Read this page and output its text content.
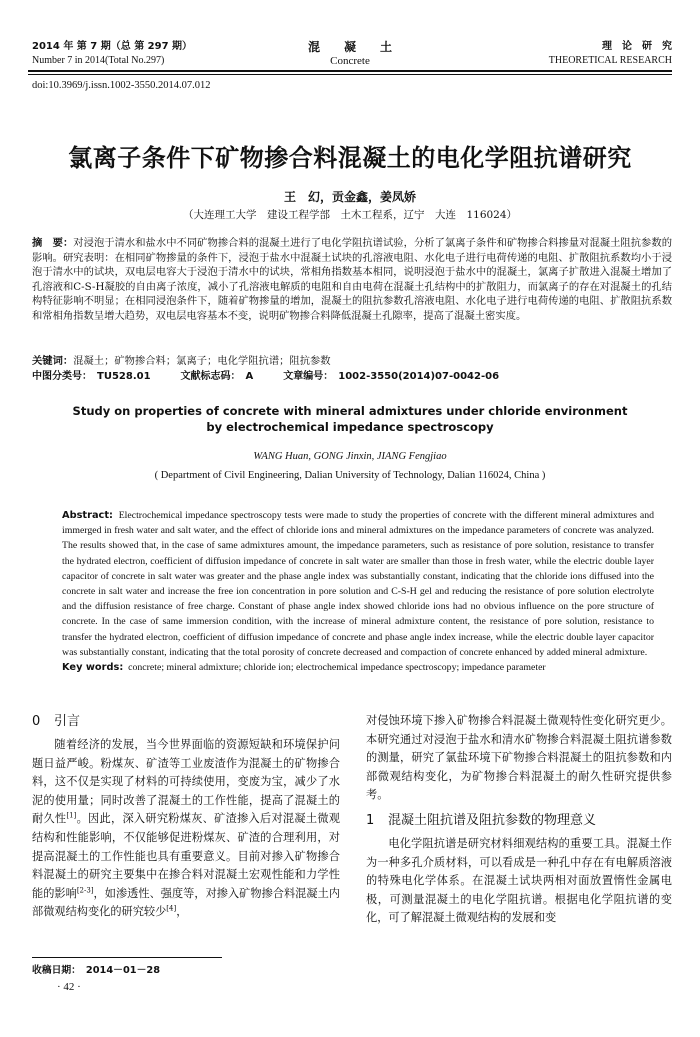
2014 年 第 7 期（总 第 297 期）
Number 7 in 2014(Total No.297)
混　　凝　　土
Concrete
理　论　研　究
THEORETICAL RESEARCH
doi:10.3969/j.issn.1002-3550.2014.07.012
氯离子条件下矿物掺合料混凝土的电化学阻抗谱研究
王　幻，贡金鑫，姜凤娇
（大连理工大学　建设工程学部　土木工程系，辽宁　大连　116024）
摘　要：对浸泡于清水和盐水中不同矿物掺合料的混凝土进行了电化学阻抗谱试验，分析了氯离子条件和矿物掺合料掺量对混凝土阻抗参数的影响。研究表明：在相同矿物掺量的条件下，浸泡于盐水中混凝土试块的孔溶液电阻、水化电子进行电荷传递的电阻、扩散阻抗系数均小于浸泡于清水中的试块，双电层电容大于浸泡于清水中的试块，常相角指数基本相同，说明浸泡于盐水中的混凝土，氯离子扩散进入混凝土增加了孔溶液和C-S-H凝胶的自由离子浓度，减小了孔溶液电解质的电阻和自由电荷在混凝土孔结构中的扩散阻力，而氯离子的存在对混凝土的孔结构特征影响不明显；在相同浸泡条件下，随着矿物掺量的增加，混凝土的阻抗参数孔溶液电阻、水化电子进行电荷传递的电阻、扩散阻抗系数和常相角指数呈增大趋势，双电层电容基本不变，说明矿物掺合料降低混凝土孔隙率，提高了混凝土密实度。
关键词：混凝土；矿物掺合料；氯离子；电化学阻抗谱；阻抗参数
中图分类号：　TU528.01　　　文献标志码：　A　　　文章编号：　1002-3550(2014)07-0042-06
Study on properties of concrete with mineral admixtures under chloride environment
by electrochemical impedance spectroscopy
WANG Huan, GONG Jinxin, JIANG Fengjiao
( Department of Civil Engineering, Dalian University of Technology, Dalian 116024, China )
Abstract: Electrochemical impedance spectroscopy tests were made to study the properties of concrete with the different mineral admixtures and immerged in fresh water and salt water, and the effect of chloride ions and mineral admixtures on the impedance parameters of concrete was analyzed. The results showed that, in the case of same admixtures amount, the impedance parameters, such as resistance of pore solution, resistance to transfer the hydrated electron, coefficient of diffusion impedance of concrete in salt water are smaller than those in fresh water, while the electric double layer capacitor of concrete in salt water was greater and the phase angle index was substantially constant, indicating that the chloride ions diffused into the concrete in salt water and increase the free ion concentration in pore solution and C-S-H gel and reducing the resistance of pore solution electrolyte and the diffusion resistance of free charge. Constant of phase angle index showed chloride ions had no obvious influence on the pore structure of concrete. In the case of same immersion condition, with the increase of mineral admixture content, the resistance of pore solution, resistance to transfer the hydrated electron, coefficient of diffusion impedance of concrete and phase angle index increase, while the electric double layer capacitor was substantially constant, indicating that the total porosity of concrete decreased and compaction of concrete enhanced by added mineral admixture.
Key words: concrete; mineral admixture; chloride ion; electrochemical impedance spectroscopy; impedance parameter

0 引言

随着经济的发展，当今世界面临的资源短缺和环境保护问题日益严峻。粉煤灰、矿渣等工业废渣作为混凝土的矿物掺合料，这不仅是实现了材料的可持续使用，变废为宝，减少了水泥的使用量；同时改善了混凝土的工作性能，提高了混凝土的耐久性[1]。因此，深入研究粉煤灰、矿渣掺入后对混凝土微观结构和性能影响，不仅能够促进粉煤灰、矿渣的合理利用，对提高混凝土的工作性能也具有重要意义。目前对掺入矿物掺合料混凝土的研究主要集中在掺合料对混凝土宏观性能和力学性能的影响[2-3]，如渗透性、强度等，对掺入矿物掺合料混凝土内部微观结构变化的研究较少[4]，

对侵蚀环境下掺入矿物掺合料混凝土微观特性变化研究更少。本研究通过对浸泡于盐水和清水矿物掺合料混凝土阻抗谱参数的测量，研究了氯盐环境下矿物掺合料混凝土的阻抗参数和内部微观结构变化，为矿物掺合料混凝土的耐久性研究提供参考。

1 混凝土阻抗谱及阻抗参数的物理意义

电化学阻抗谱是研究材料细观结构的重要工具。混凝土作为一种多孔介质材料，可以看成是一种孔中存在有电解质溶液的特殊电化学体系。在混凝土试块两相对面放置惰性金属电极，可测量混凝土的电化学阻抗谱。根据电化学阻抗谱的变化，可了解混凝土微观结构的发展和变

收稿日期：　2014－01－28
· 42 ·
